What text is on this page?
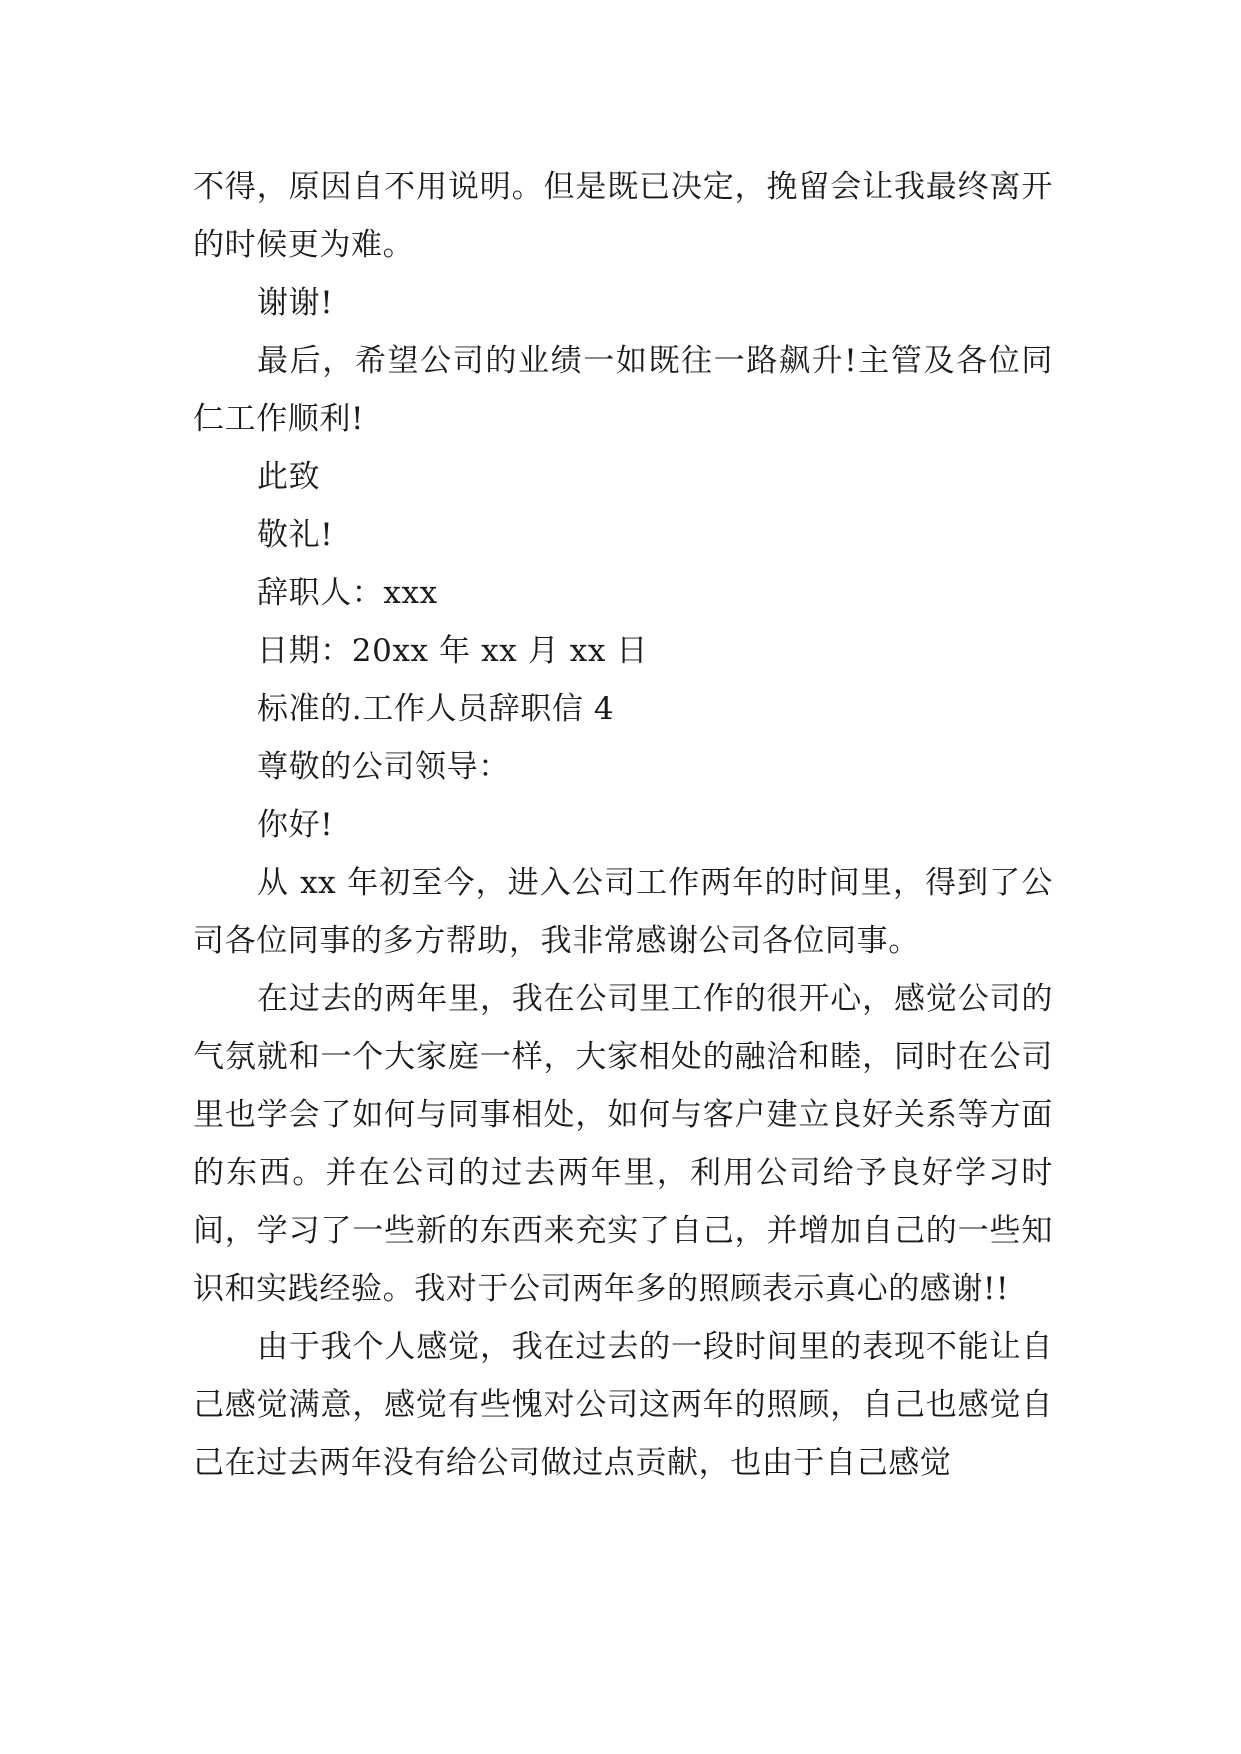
不得，原因自不用说明。但是既已决定，挽留会让我最终离开的时候更为难。

谢谢!

最后，希望公司的业绩一如既往一路飙升!主管及各位同仁工作顺利!

此致

敬礼!

辞职人：xxx

日期：20xx 年 xx 月 xx 日

标准的.工作人员辞职信 4

尊敬的公司领导：

你好!

从 xx 年初至今，进入公司工作两年的时间里，得到了公司各位同事的多方帮助，我非常感谢公司各位同事。

在过去的两年里，我在公司里工作的很开心，感觉公司的气氛就和一个大家庭一样，大家相处的融洽和睦，同时在公司里也学会了如何与同事相处，如何与客户建立良好关系等方面的东西。并在公司的过去两年里，利用公司给予良好学习时间，学习了一些新的东西来充实了自己，并增加自己的一些知识和实践经验。我对于公司两年多的照顾表示真心的感谢!!

由于我个人感觉，我在过去的一段时间里的表现不能让自己感觉满意，感觉有些愧对公司这两年的照顾，自己也感觉自己在过去两年没有给公司做过点贡献，也由于自己感觉
